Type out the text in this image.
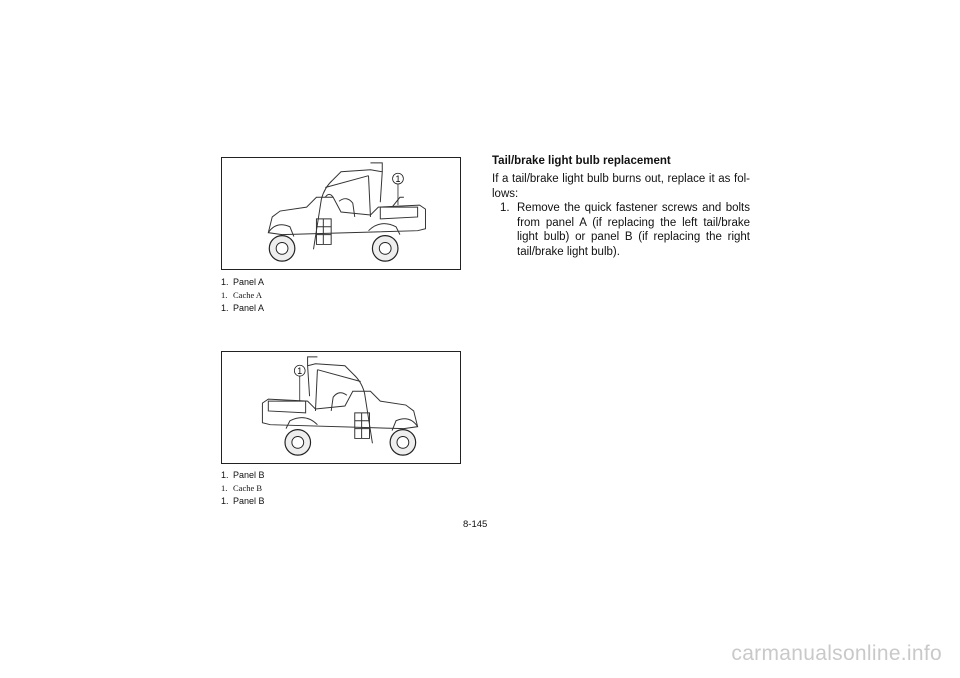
1
1. Panel A
1. Cache A
1. Panel A
1
1. Panel B
1. Cache B
1. Panel B
Tail/brake light bulb replacement
If a tail/brake light bulb burns out, replace it as fol-lows:
1. Remove the quick fastener screws and bolts from panel A (if replacing the left tail/brake light bulb) or panel B (if replacing the right tail/brake light bulb).
8-145
carmanualsonline.info
